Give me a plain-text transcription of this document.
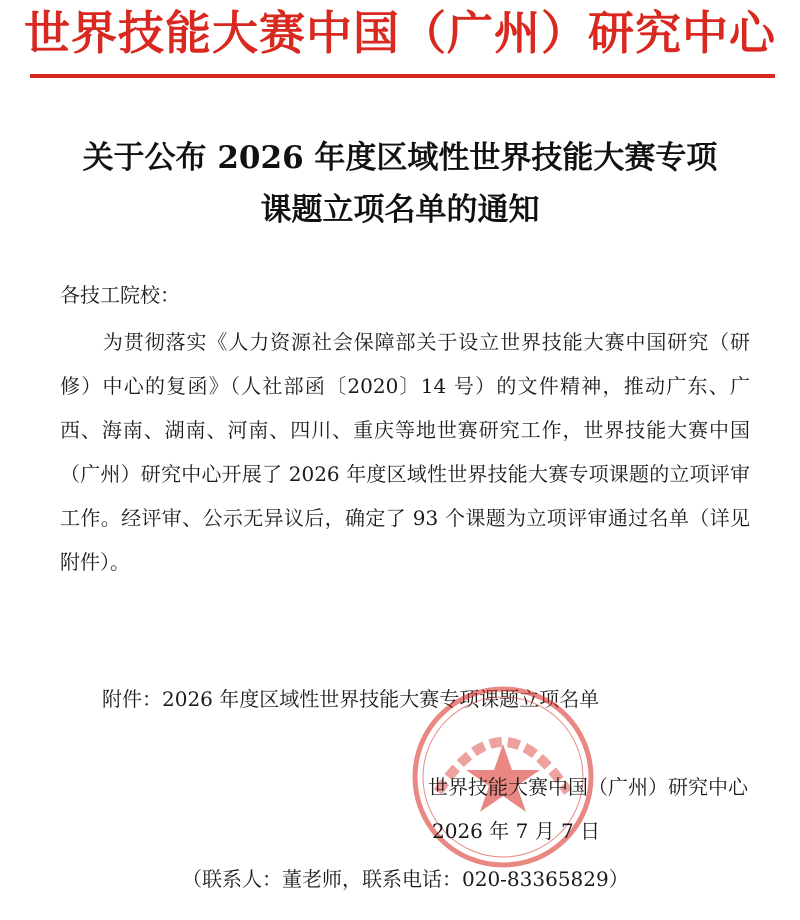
世界技能大赛中国（广州）研究中心
关于公布 2026 年度区域性世界技能大赛专项
课题立项名单的通知
各技工院校：
为贯彻落实《人力资源社会保障部关于设立世界技能大赛中国研究（研修）中心的复函》（人社部函〔2020〕14 号）的文件精神，推动广东、广西、海南、湖南、河南、四川、重庆等地世赛研究工作，世界技能大赛中国（广州）研究中心开展了 2026 年度区域性世界技能大赛专项课题的立项评审工作。经评审、公示无异议后，确定了 93 个课题为立项评审通过名单（详见附件）。
附件：2026 年度区域性世界技能大赛专项课题立项名单
世界技能大赛中国（广州）研究中心
2026 年 7 月 7 日
（联系人：董老师，联系电话：020-83365829）
